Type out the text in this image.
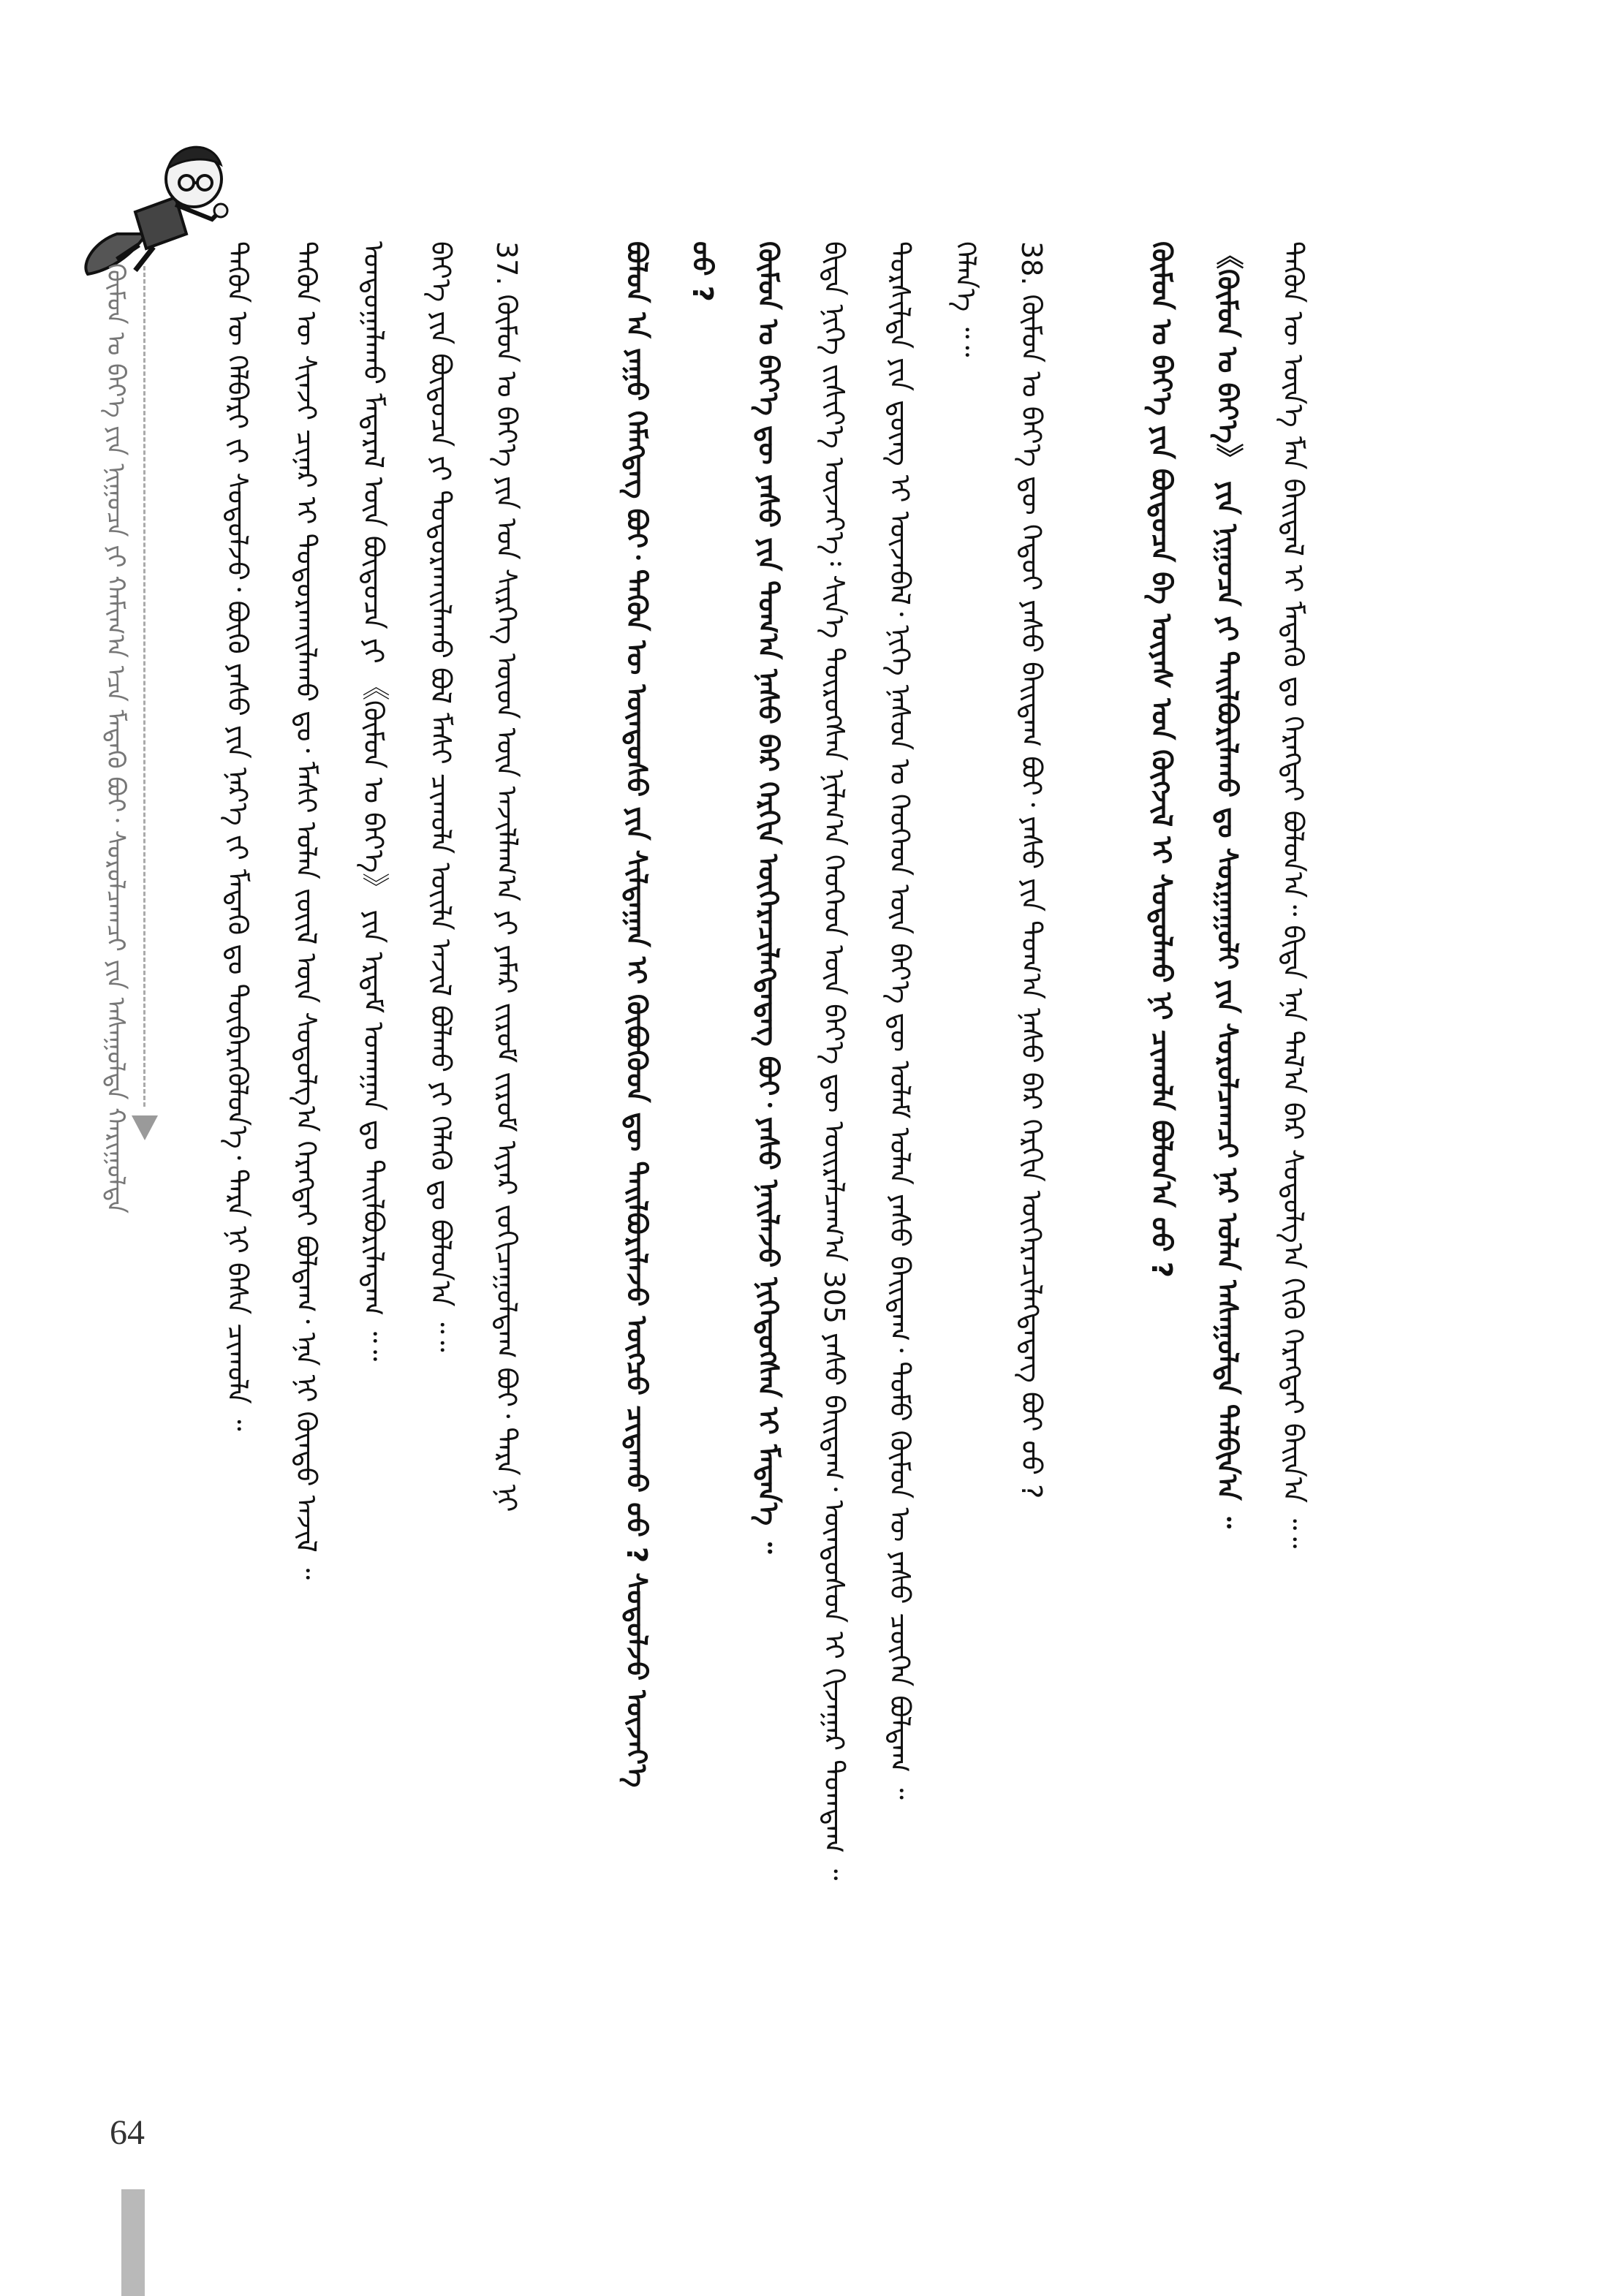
ᠬᠦᠮᠦᠨ ᠤ ᠪᠡᠶ᠎ᠡ ᠶᠢᠨ ᠨᠢᠭᠤᠴᠠ ᠶᠢ ᠬᠠᠮᠢᠭ᠎ᠠ ᠡᠴᠡ ᠮᠡᠳᠡᠬᠦ ᠪᠤᠢ᠂ ᠰᠤᠷᠤᠯᠴᠠᠭᠴᠢ ᠶᠢᠨ ᠠᠰᠠᠭᠤᠯᠲᠠ ᠬᠠᠷᠢᠭᠤᠯᠲᠠ	ᠲᠡᠭᠦᠨ ᠦ ᠬᠡᠯᠪᠡᠷᠢ ᠵᠢ ᠰᠤᠳᠤᠯᠵᠤ᠂ ᠪᠦᠬᠦ ᠶᠠᠰᠤ ᠶᠢᠨ ᠨᠡᠷ᠎ᠡ ᠵᠢ ᠮᠡᠳᠡᠬᠦ ᠳᠤ ᠲᠥᠪᠡᠷᠡᠭᠦᠯᠦᠨ᠎ᠡ᠂ ᠲᠡᠷᠡ ᠨᠢ ᠪᠠᠰᠠ ᠴᠢᠬᠤᠯᠠ ᠃ ᠲᠡᠭᠦᠨ ᠦ ᠰᠢᠨᠵᠢ ᠴᠢᠨᠠᠷ ᠢ ᠲᠣᠳᠣᠷᠬᠠᠢᠯᠠᠬᠤ ᠳᠤ᠂ ᠮᠠᠰᠢ ᠣᠯᠠᠨ ᠵᠦᠢᠯ ᠦᠨ ᠰᠤᠳᠤᠯᠭ᠎ᠠ ᠬᠡᠷᠡᠭᠲᠡᠢ ᠪᠣᠯᠳᠠᠭ᠂ ᠡᠨᠡ ᠨᠢ ᠬᠦᠨᠳᠦ ᠠᠵᠢᠯ ᠃ ᠤᠨᠳᠤᠭᠠᠯᠠᠬᠤ ᠮᠡᠳᠡᠷᠡᠯ ᠦᠨ ᠪᠦᠲᠦᠴᠡ ᠶᠢ 《ᠬᠦᠮᠦᠨ ᠤ ᠪᠡᠶ᠎ᠡ》 ᠶᠢᠨ ᠡᠷᠳᠡᠮ ᠤᠬᠠᠭᠠᠨ ᠳᠤ ᠲᠠᠢᠯᠪᠤᠷᠢᠯᠠᠳᠠᠭ ᠃᠃ ᠪᠡᠶ᠎ᠡ ᠶᠢᠨ ᠪᠦᠲᠦᠴᠡ ᠶᠢ ᠲᠣᠳᠣᠷᠬᠠᠢᠯᠠᠬᠤ ᠪᠣᠯ ᠮᠠᠰᠢ ᠴᠢᠬᠤᠯᠠ ᠦᠢᠯᠡ ᠠᠵᠢᠯ ᠪᠣᠯᠬᠤ ᠶᠢ ᠬᠡᠯᠡᠬᠦ ᠳᠤ ᠪᠣᠯᠤᠨ᠎ᠠ ᠃᠃ 37. ᠬᠦᠮᠦᠨ ᠤ ᠪᠡᠶ᠎ᠡ ᠶᠢᠨ ᠡᠳ ᠰᠢᠷᠬᠡᠭ ᠦᠳ ᠦᠨ ᠠᠵᠢᠯᠯᠠᠭ᠎ᠠ ᠶᠢ ᠶᠠᠮᠠᠷ ᠵᠢᠷᠤᠮ ᠵᠢᠷᠤᠮ ᠢᠶᠡᠷ ᠵᠣᠬᠢᠴᠠᠭᠤᠯᠳᠠᠭ ᠪᠤᠢ᠂ ᠲᠡᠷᠡ ᠨᠢ	ᠪᠣᠯᠤᠨ ᠠ ᠶᠠᠭᠤ ᠬᠡᠮᠡᠭᠳᠡᠭ ᠪᠤᠢ᠂ ᠲᠡᠭᠦᠨ ᠦ ᠦᠨᠳᠦᠰᠦ ᠶᠢᠨ ᠰᠢᠯᠲᠠᠭᠠᠨ ᠢ ᠬᠥᠪᠦᠭᠦᠳ ᠳᠦ ᠲᠠᠢᠯᠪᠤᠷᠢᠯᠠᠵᠤ ᠥᠭᠴᠦ ᠴᠢᠳᠠᠬᠤ ᠤᠤ ? ᠰᠤᠳᠤᠯᠵᠤ ᠦᠵᠡᠶ᠎ᠡ ᠤᠤ ? ᠬᠦᠮᠦᠨ ᠤ ᠪᠡᠶ᠎ᠡ ᠳᠦ ᠶᠠᠰᠤ ᠶᠢᠨ ᠲᠣᠭ᠎ᠠ ᠨᠠᠰᠤ ᠪᠠᠷ ᠬᠡᠷᠬᠢᠨ ᠥᠭᠡᠷᠡᠴᠢᠯᠡᠭᠳᠡᠳᠡᠭ ᠪᠤᠢ᠂ ᠶᠠᠰᠤ ᠨᠡᠢᠯᠡᠵᠦ ᠨᠢᠭᠡᠳᠦᠭᠰᠡᠨ ᠢ ᠮᠡᠳᠡᠨ᠎ᠡ ᠃ ᠪᠢᠳᠡ ᠨᠢᠭᠡ ᠵᠢᠱᠢᠶ᠎ᠡ ᠦᠵᠡᠶ᠎ᠡ᠄ ᠰᠢᠨ᠎ᠡ ᠲᠥᠷᠥᠭᠰᠡᠨ ᠨᠢᠯᠬ᠎ᠠ ᠬᠡᠦᠬᠡᠳ ᠦᠨ ᠪᠡᠶ᠎ᠡ ᠳᠦ ᠣᠢᠷᠠᠯᠴᠠᠭ᠎ᠠ 305 ᠶᠠᠰᠤ ᠪᠠᠢᠳᠠᠭ᠂ ᠦᠨᠳᠦᠰᠦᠨ ᠢ ᠬᠢᠵᠠᠭᠠᠷ ᠲᠤᠭᠳᠠᠭ ᠃ ᠲᠤᠷᠰᠢᠯᠲᠠ ᠶᠢᠨ ᠳ᠋ᠦᠩ ᠢ ᠦᠵᠡᠪᠡᠯ᠂ ᠨᠢᠭᠡ ᠨᠠᠰᠤᠨ ᠤ ᠬᠡᠦᠬᠡᠳ ᠦᠨ ᠪᠡᠶ᠎ᠡ ᠳᠦ ᠤᠯᠠᠮ ᠣᠯᠠᠨ ᠶᠠᠰᠤ ᠪᠠᠢᠳᠠᠭ᠂ ᠲᠣᠮᠣ ᠬᠦᠮᠦᠨ ᠦ ᠶᠠᠰᠤ ᠴᠥᠭᠡᠨ ᠪᠣᠯᠳᠠᠭ ᠃ ᠬᠡᠯᠡᠨ᠎ᠡ ᠃᠃ 38. ᠬᠦᠮᠦᠨ ᠤ ᠪᠡᠶ᠎ᠡ ᠳᠦ ᠬᠡᠳᠦᠢ ᠶᠠᠰᠤ ᠪᠠᠢᠳᠠᠭ ᠪᠤᠢ᠂ ᠶᠠᠰᠤ ᠶᠢᠨ ᠲᠣᠭ᠎ᠠ ᠨᠠᠰᠤ ᠪᠠᠷ ᠬᠡᠷᠬᠢᠨ ᠥᠭᠡᠷᠡᠴᠢᠯᠡᠭᠳᠡᠳᠡᠭ ᠪᠤᠢ ᠤᠤ ?	ᠬᠦᠮᠦᠨ ᠤ ᠪᠡᠶ᠎ᠡ ᠶᠢᠨ ᠪᠦᠲᠦᠴᠡ ᠪᠠ ᠦᠶᠡᠰ ᠤᠨ ᠬᠦᠭᠵᠢᠯ ᠢ ᠰᠤᠳᠤᠯᠬᠤ ᠨᠢ ᠴᠢᠬᠤᠯᠠ ᠪᠣᠯᠤᠨ᠎ᠠ ᠤᠤ ? 《ᠬᠦᠮᠦᠨ ᠤ ᠪᠡᠶ᠎ᠡ》 ᠶᠢᠨ ᠨᠢᠭᠤᠴᠠ ᠶᠢ ᠲᠠᠢᠯᠪᠤᠷᠢᠯᠠᠬᠤ ᠳᠤ ᠰᠤᠷᠭᠠᠭᠤᠯᠢ ᠶᠢᠨ ᠰᠤᠷᠤᠯᠴᠠᠭᠴᠢ ᠨᠠᠷ ᠣᠯᠠᠨ ᠠᠰᠠᠭᠤᠯᠲᠠ ᠲᠠᠯᠪᠢᠨ᠎ᠠ ᠃ ᠲᠡᠭᠦᠨ ᠦ ᠦᠨ᠎ᠡ ᠮᠠᠨ ᠪᠠᠢᠳᠠᠯ ᠢ ᠮᠡᠳᠡᠬᠦ ᠳᠤ ᠬᠡᠷᠡᠭᠲᠡᠢ ᠪᠣᠯᠤᠨ᠎ᠠ᠃ ᠪᠢᠳᠡ ᠡᠨᠡ ᠲᠠᠯ᠎ᠠ ᠪᠠᠷ ᠰᠤᠳᠤᠯᠭ᠎ᠠ ᠬᠢᠬᠦ ᠬᠡᠷᠡᠭᠲᠡᠢ ᠪᠠᠢᠨ᠎ᠠ ᠃᠃
64
